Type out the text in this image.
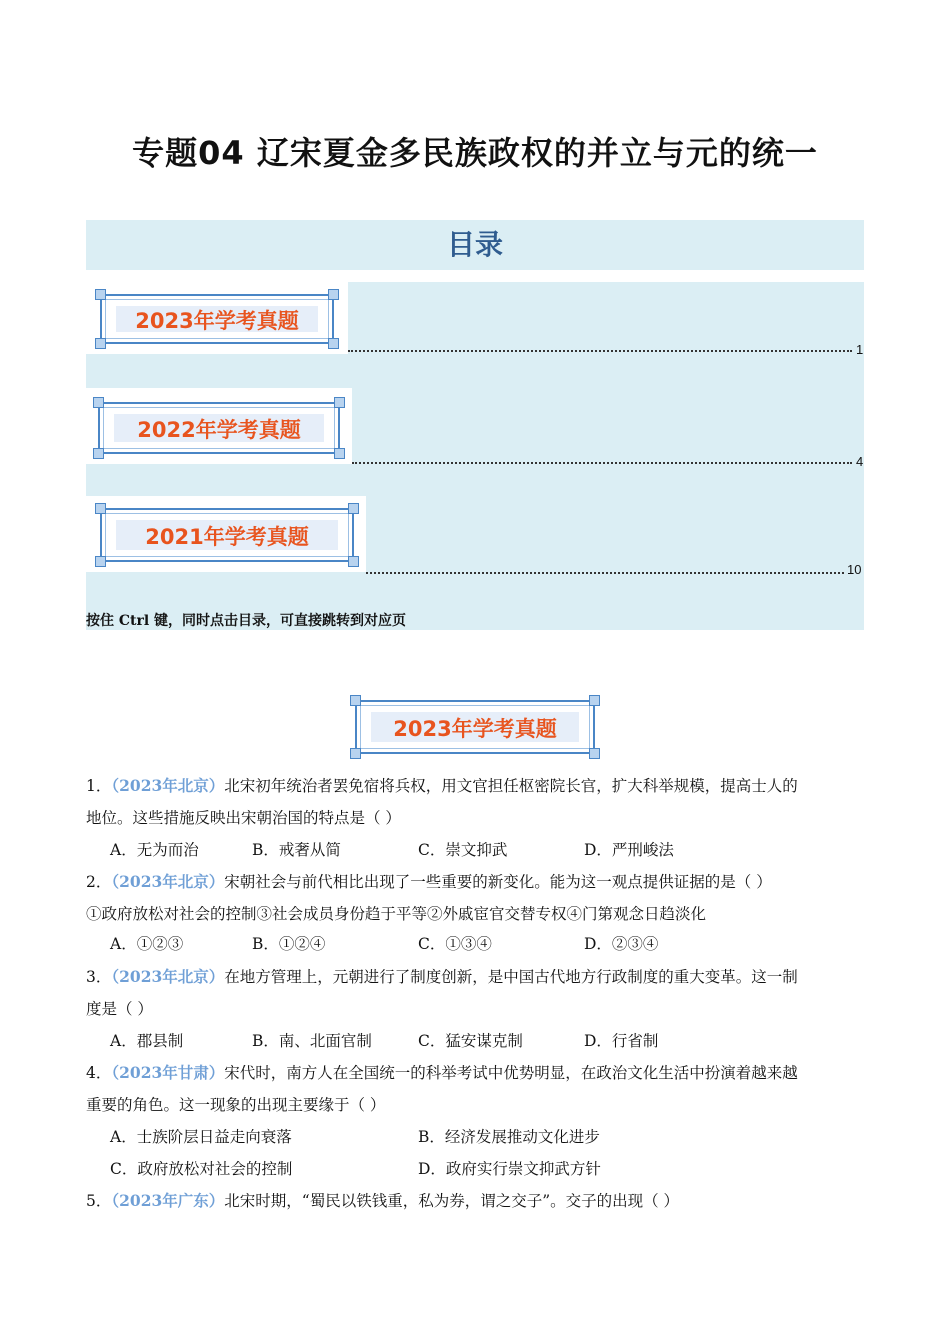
专题04 辽宋夏金多民族政权的并立与元的统一
目录
2023年学考真题
1
2022年学考真题
4
2021年学考真题
10
按住 Ctrl 键，同时点击目录，可直接跳转到对应页
2023年学考真题
1．（2023年北京）北宋初年统治者罢免宿将兵权，用文官担任枢密院长官，扩大科举规模，提高士人的
地位。这些措施反映出宋朝治国的特点是（ ）
A．无为而治	B．戒奢从简	C．崇文抑武	D．严刑峻法
2．（2023年北京）宋朝社会与前代相比出现了一些重要的新变化。能为这一观点提供证据的是（ ）
①政府放松对社会的控制③社会成员身份趋于平等②外戚宦官交替专权④门第观念日趋淡化
A．①②③	B．①②④	C．①③④	D．②③④
3．（2023年北京）在地方管理上，元朝进行了制度创新，是中国古代地方行政制度的重大变革。这一制
度是（ ）
A．郡县制	B．南、北面官制	C．猛安谋克制	D．行省制
4．（2023年甘肃）宋代时，南方人在全国统一的科举考试中优势明显，在政治文化生活中扮演着越来越
重要的角色。这一现象的出现主要缘于（ ）
A．士族阶层日益走向衰落	B．经济发展推动文化进步
C．政府放松对社会的控制	D．政府实行崇文抑武方针
5．（2023年广东）北宋时期，“蜀民以铁钱重，私为券，谓之交子”。交子的出现（ ）
